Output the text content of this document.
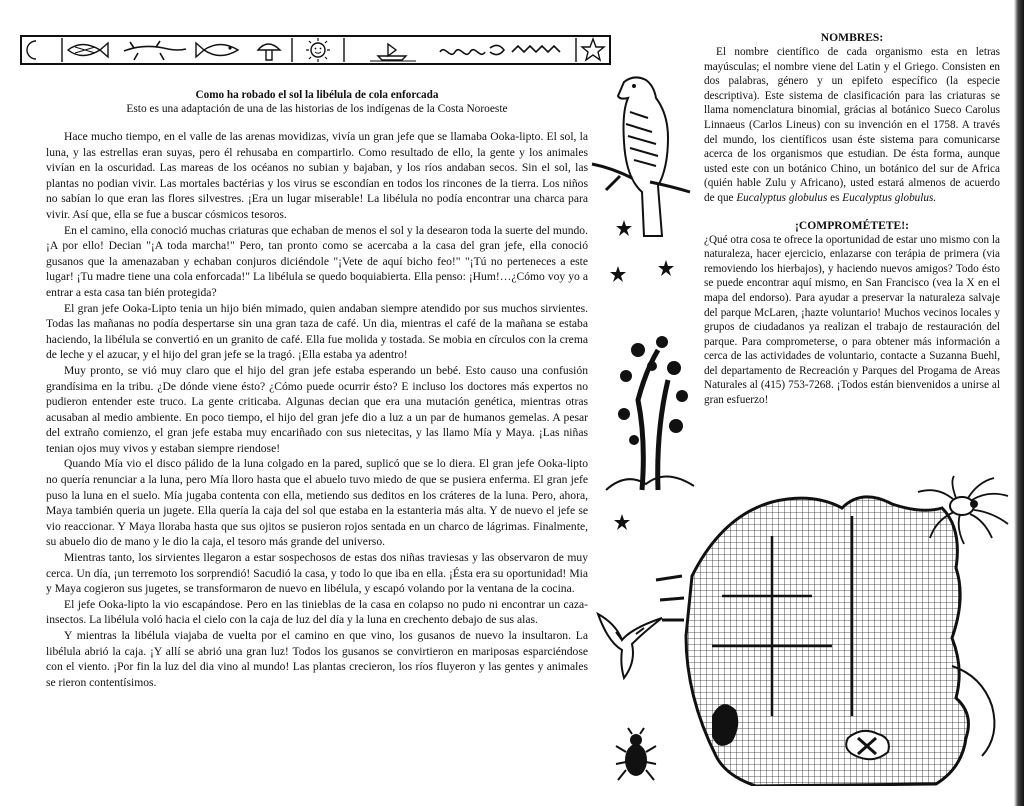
Como ha robado el sol la libélula de cola enforcada
Esto es una adaptación de una de las historias de los indígenas de la Costa Noroeste

Hace mucho tiempo, en el valle de las arenas movidizas, vivía un gran jefe que se llamaba Ooka-lipto. El sol, la luna, y las estrellas eran suyas, pero él rehusaba en compartirlo. Como resultado de ello, la gente y los animales vivían en la oscuridad. Las mareas de los océanos no subian y bajaban, y los ríos andaban secos. Sin el sol, las plantas no podian vivir. Las mortales bactérias y los virus se escondían en todos los rincones de la tierra. Los niños no sabían lo que eran las flores silvestres. ¡Era un lugar miserable! La libélula no podía encontrar una charca para vivir. Así que, ella se fue a buscar cósmicos tesoros.

En el camino, ella conoció muchas criaturas que echaban de menos el sol y la desearon toda la suerte del mundo. ¡A por ello! Decian "¡A toda marcha!" Pero, tan pronto como se acercaba a la casa del gran jefe, ella conoció gusanos que la amenazaban y echaban conjuros diciéndole "¡Vete de aquí bicho feo!" "¡Tú no perteneces a este lugar! ¡Tu madre tiene una cola enforcada!" La libélula se quedo boquiabierta. Ella penso: ¡Hum!…¿Cómo voy yo a entrar a esta casa tan bién protegida?

El gran jefe Ooka-Lipto tenia un hijo bién mimado, quien andaban siempre atendido por sus muchos sirvientes. Todas las mañanas no podía despertarse sin una gran taza de café. Un dia, mientras el café de la mañana se estaba haciendo, la libélula se convertió en un granito de café. Ella fue molida y tostada. Se mobia en círculos con la crema de leche y el azucar, y el hijo del gran jefe se la tragó. ¡Ella estaba ya adentro!

Muy pronto, se vió muy claro que el hijo del gran jefe estaba esperando un bebé. Esto causo una confusión grandísima en la tribu. ¿De dónde viene ésto? ¿Cómo puede ocurrir ésto? E incluso los doctores más expertos no pudieron entender este truco. La gente criticaba. Algunas decian que era una mutación genética, mientras otras acusaban al medio ambiente. En poco tiempo, el hijo del gran jefe dio a luz a un par de humanos gemelas. A pesar del extraño comienzo, el gran jefe estaba muy encariñado con sus nietecitas, y las llamo Mía y Maya. ¡Las niñas tenian ojos muy vivos y estaban siempre riendose!

Quando Mía vio el disco pálido de la luna colgado en la pared, suplicó que se lo diera. El gran jefe Ooka-lipto no quería renunciar a la luna, pero Mía lloro hasta que el abuelo tuvo miedo de que se pusiera enferma. El gran jefe puso la luna en el suelo. Mía jugaba contenta con ella, metiendo sus deditos en los cráteres de la luna. Pero, ahora, Maya también queria un jugete. Ella quería la caja del sol que estaba en la estanteria más alta. Y de nuevo el jefe se vio reaccionar. Y Maya lloraba hasta que sus ojitos se pusieron rojos sentada en un charco de lágrimas. Finalmente, su abuelo dio de mano y le dio la caja, el tesoro más grande del universo.

Mientras tanto, los sirvientes llegaron a estar sospechosos de estas dos niñas traviesas y las observaron de muy cerca. Un día, ¡un terremoto los sorprendió! Sacudió la casa, y todo lo que iba en ella. ¡Ésta era su oportunidad! Mia y Maya cogieron sus jugetes, se transformaron de nuevo en libélula, y escapó volando por la ventana de la cocina.

El jefe Ooka-lipto la vio escapándose. Pero en las tinieblas de la casa en colapso no pudo ni encontrar un caza-insectos. La libélula voló hacia el cielo con la caja de luz del día y la luna en crechento debajo de sus alas.

Y mientras la libélula viajaba de vuelta por el camino en que vino, los gusanos de nuevo la insultaron. La libélula abrió la caja. ¡Y allí se abrió una gran luz! Todos los gusanos se convirtieron en mariposas esparciéndose con el viento. ¡Por fin la luz del dia vino al mundo! Las plantas crecieron, los ríos fluyeron y las gentes y animales se rieron contentísimos.

NOMBRES:

El nombre científico de cada organismo esta en letras mayúsculas; el nombre viene del Latin y el Griego. Consisten en dos palabras, género y un epifeto específico (la especie descriptiva). Este sistema de clasificación para las criaturas se llama nomenclatura binomial, grácias al botánico Sueco Carolus Linnaeus (Carlos Lineus) con su invención en el 1758. A través del mundo, los científicos usan éste sistema para comunicarse acerca de los organismos que estudian. De ésta forma, aunque usted este con un botánico Chino, un botánico del sur de Africa (quién hable Zulu y Africano), usted estará almenos de acuerdo de que Eucalyptus globulus es Eucalyptus globulus.

¡COMPROMÉTETE!:

¿Qué otra cosa te ofrece la oportunidad de estar uno mismo con la naturaleza, hacer ejercicio, enlazarse con terápia de primera (via removiendo los hierbajos), y haciendo nuevos amigos? Todo ésto se puede encontrar aquí mismo, en San Francisco (vea la X en el mapa del endorso). Para ayudar a preservar la naturaleza salvaje del parque McLaren, ¡hazte voluntario! Muchos vecinos locales y grupos de ciudadanos ya realizan el trabajo de restauración del parque. Para comprometerse, o para obtener más información a cerca de las actividades de voluntario, contacte a Suzanna Buehl, del departamento de Recreación y Parques del Progama de Areas Naturales al (415) 753-7268. ¡Todos están bienvenidos a unirse al gran esfuerzo!
